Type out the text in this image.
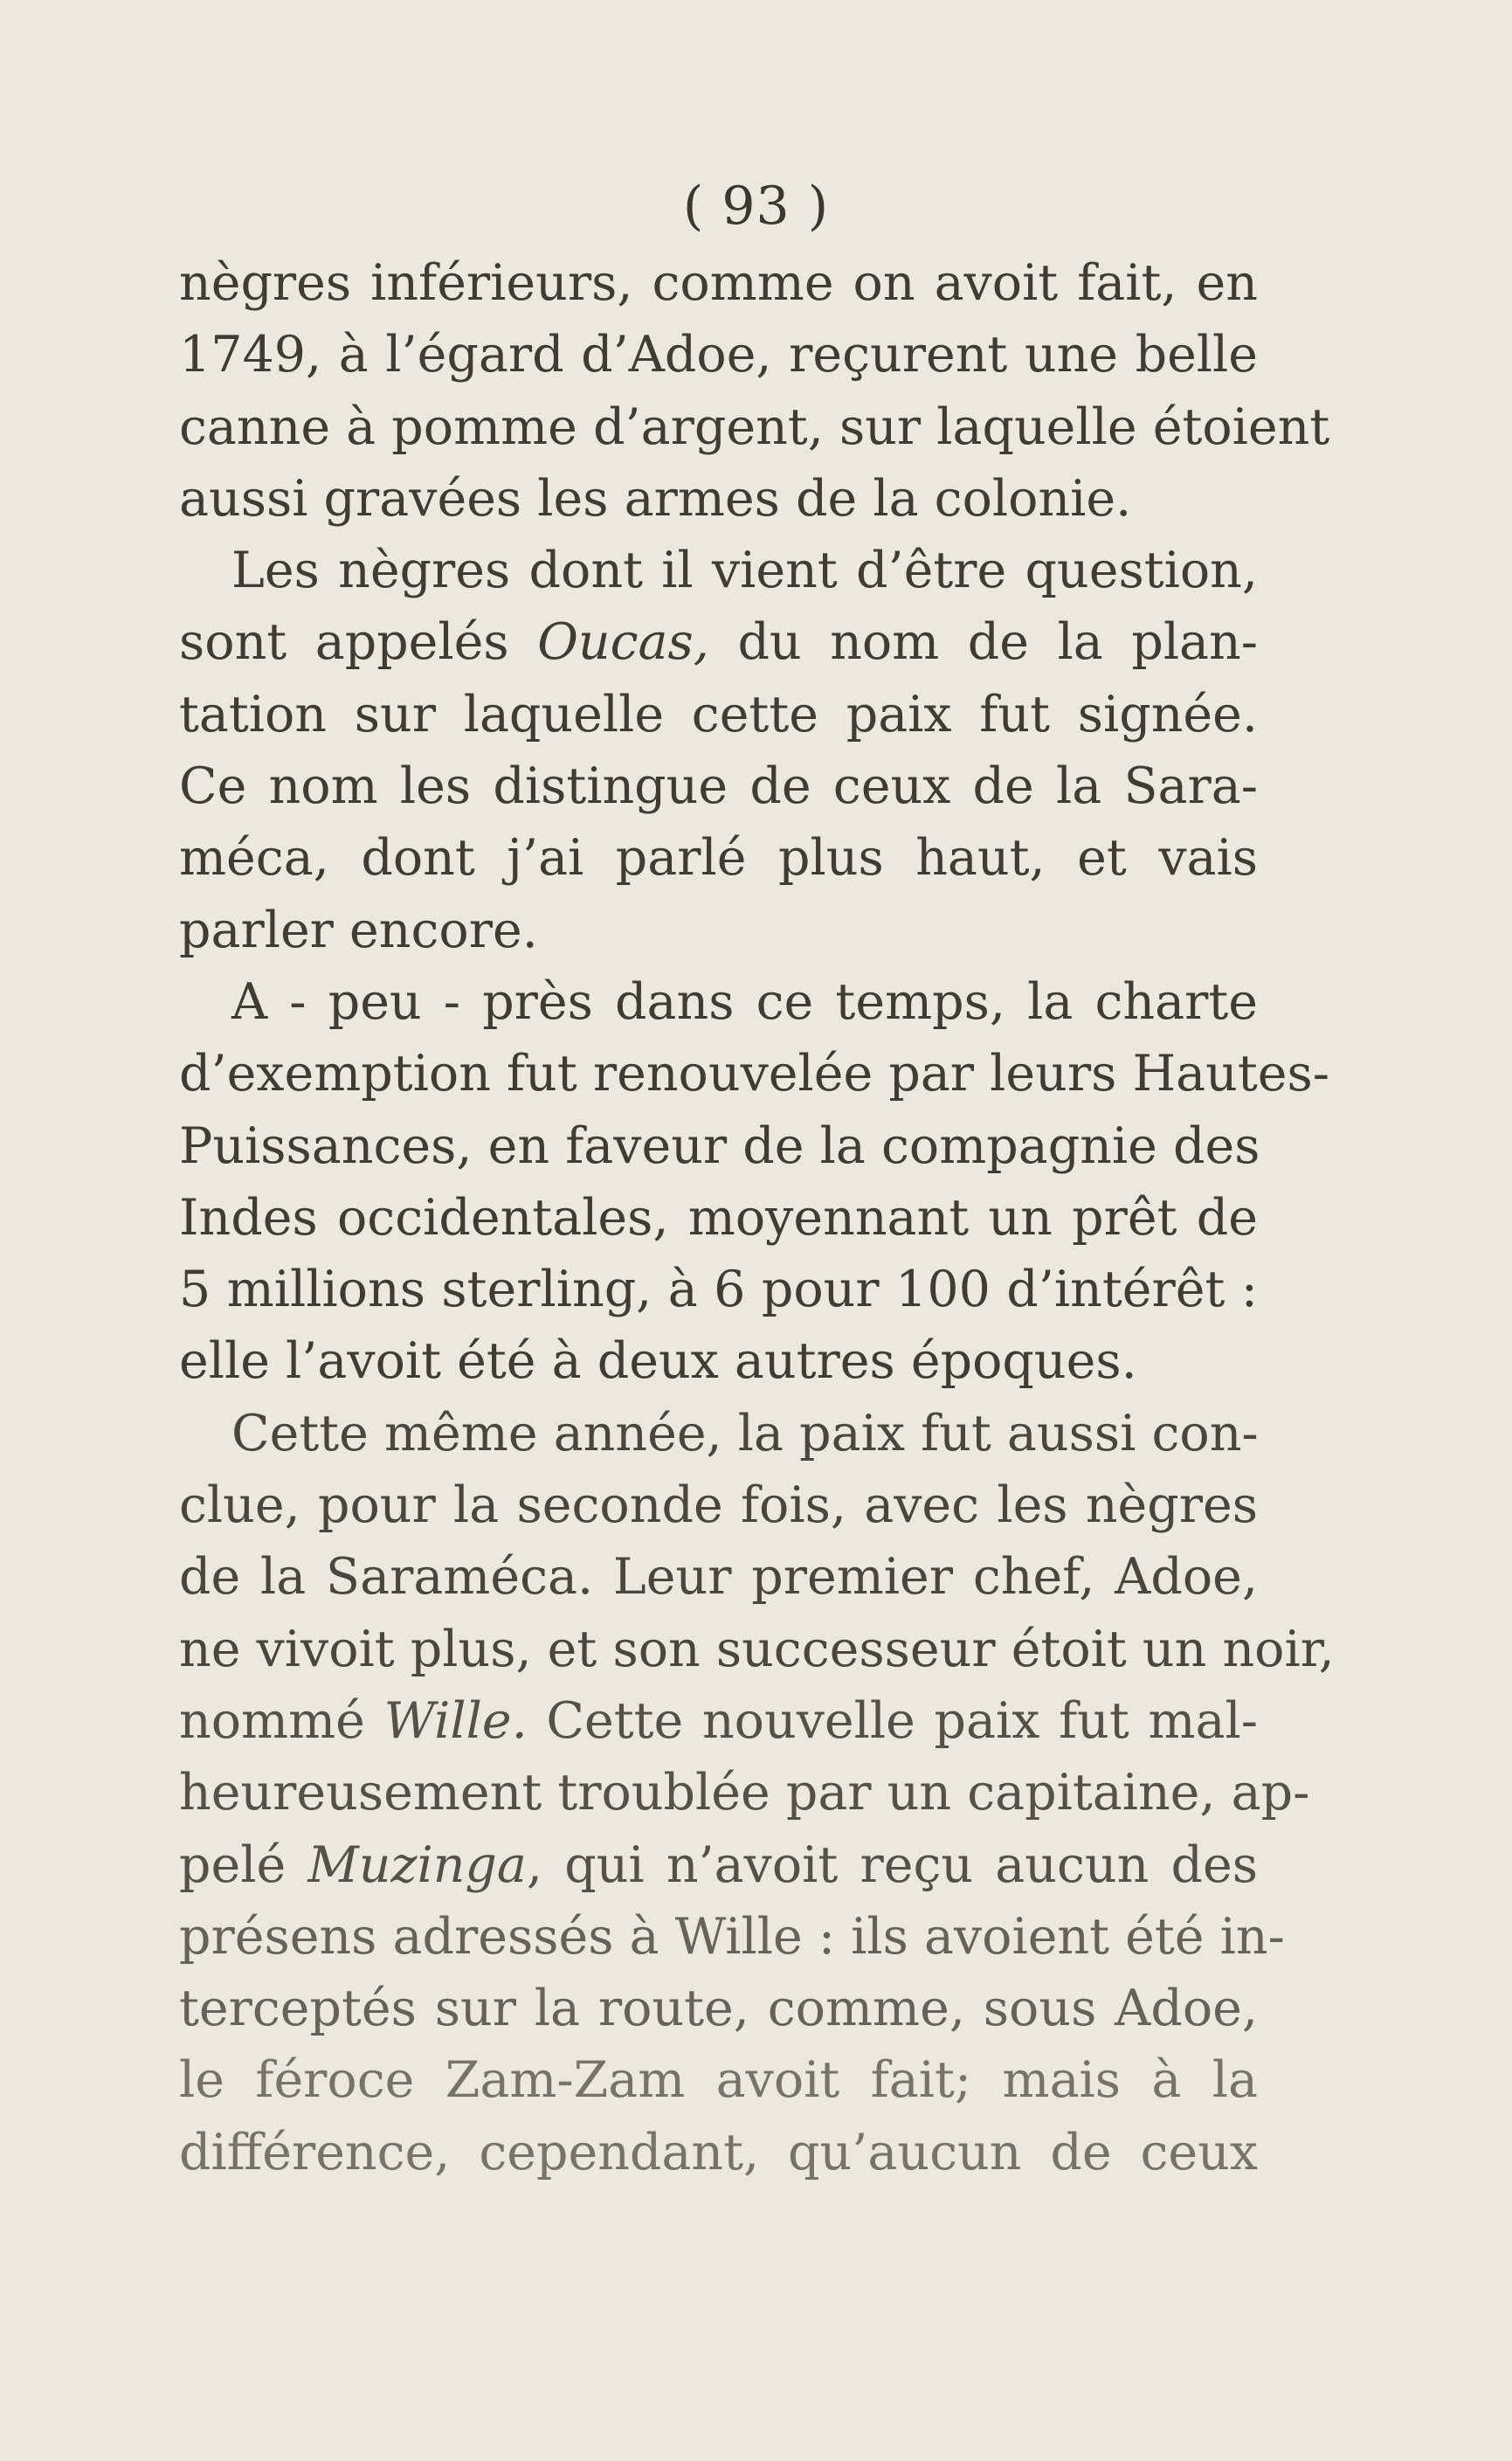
( 93 )
nègres inférieurs, comme on avoit fait, en
1749, à l’égard d’Adoe, reçurent une belle
canne à pomme d’argent, sur laquelle étoient
aussi gravées les armes de la colonie.
Les nègres dont il vient d’être question,
sont appelés Oucas, du nom de la plan-
tation sur laquelle cette paix fut signée.
Ce nom les distingue de ceux de la Sara-
méca, dont j’ai parlé plus haut, et vais
parler encore.
A - peu - près dans ce temps, la charte
d’exemption fut renouvelée par leurs Hautes-
Puissances, en faveur de la compagnie des
Indes occidentales, moyennant un prêt de
5 millions sterling, à 6 pour 100 d’intérêt :
elle l’avoit été à deux autres époques.
Cette même année, la paix fut aussi con-
clue, pour la seconde fois, avec les nègres
de la Saraméca. Leur premier chef, Adoe,
ne vivoit plus, et son successeur étoit un noir,
nommé Wille. Cette nouvelle paix fut mal-
heureusement troublée par un capitaine, ap-
pelé Muzinga, qui n’avoit reçu aucun des
présens adressés à Wille : ils avoient été in-
terceptés sur la route, comme, sous Adoe,
le féroce Zam-Zam avoit fait; mais à la
différence, cependant, qu’aucun de ceux
